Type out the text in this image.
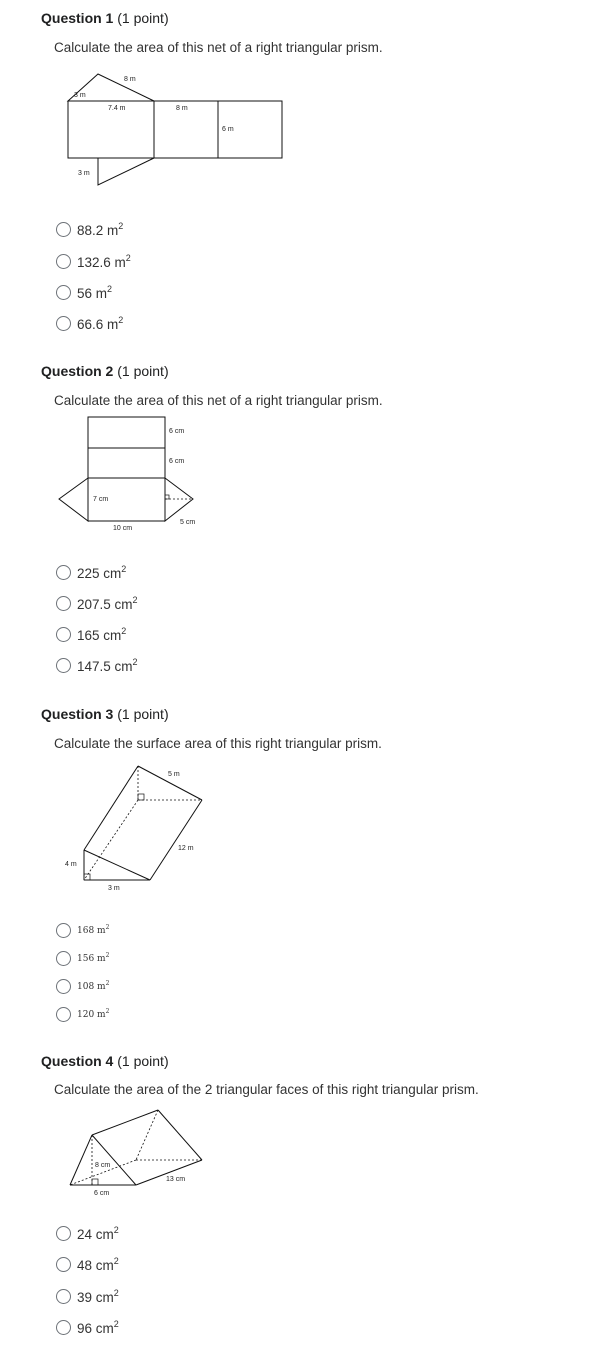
Question 1 (1 point)
Calculate the area of this net of a right triangular prism.
8 m
7.4 m
3 m
3 m
8 m
6 m
88.2 $m^2$
132.6 $m^2$
56 $m^2$
66.6 $m^2$
Question 2 (1 point)
Calculate the area of this net of a right triangular prism.
6 cm
6 cm
5 cm
7 cm
10 cm
225 $cm^2$
207.5 $cm^2$
165 $cm^2$
147.5 $cm^2$
Question 3 (1 point)
Calculate the surface area of this right triangular prism.
5 m
12 m
4 m
3 m
168 $m^2$
156 $m^2$
108 $m^2$
120 $m^2$
Question 4 (1 point)
Calculate the area of the 2 triangular faces of this right triangular prism.
8 cm
13 cm
6 cm
24 $cm^2$
48 $cm^2$
39 $cm^2$
96 $cm^2$
